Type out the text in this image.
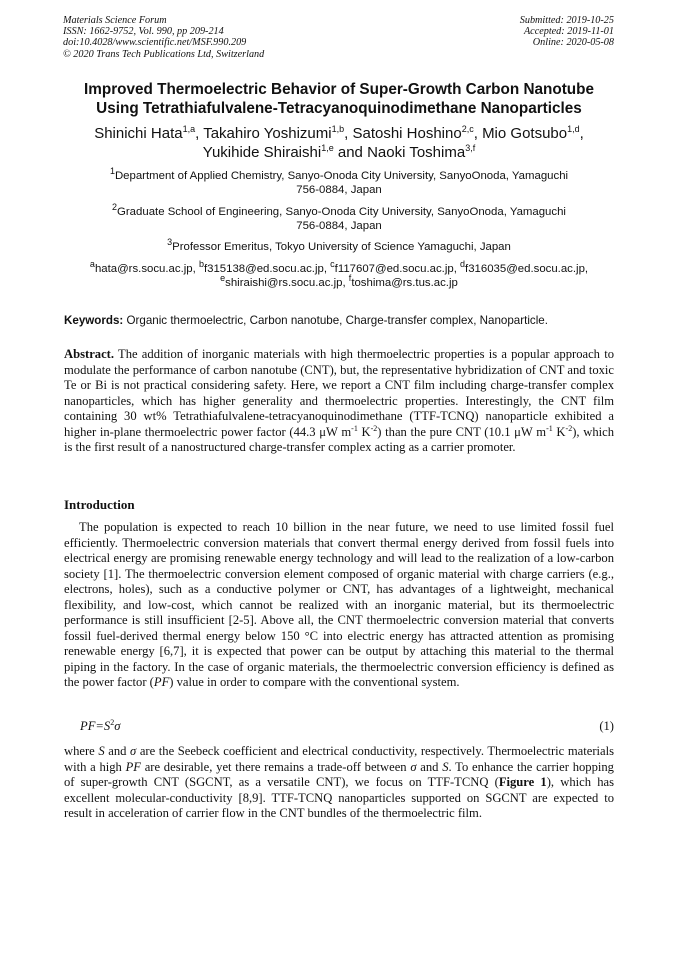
Materials Science Forum
ISSN: 1662-9752, Vol. 990, pp 209-214
doi:10.4028/www.scientific.net/MSF.990.209
© 2020 Trans Tech Publications Ltd, Switzerland
Submitted: 2019-10-25
Accepted: 2019-11-01
Online: 2020-05-08
Improved Thermoelectric Behavior of Super-Growth Carbon Nanotube
Using Tetrathiafulvalene-Tetracyanoquinodimethane Nanoparticles
Shinichi Hata$^{1,a}$, Takahiro Yoshizumi$^{1,b}$, Satoshi Hoshino$^{2,c}$, Mio Gotsubo$^{1,d}$,
Yukihide Shiraishi$^{1,e}$ and Naoki Toshima$^{3,f}$
$^1$Department of Applied Chemistry, Sanyo-Onoda City University, SanyoOnoda, Yamaguchi
756-0884, Japan
$^2$Graduate School of Engineering, Sanyo-Onoda City University, SanyoOnoda, Yamaguchi
756-0884, Japan
$^3$Professor Emeritus, Tokyo University of Science Yamaguchi, Japan
$^a$hata@rs.socu.ac.jp, $^b$f315138@ed.socu.ac.jp, $^c$f117607@ed.socu.ac.jp, $^d$f316035@ed.socu.ac.jp,
$^e$shiraishi@rs.socu.ac.jp, $^f$toshima@rs.tus.ac.jp
Keywords: Organic thermoelectric, Carbon nanotube, Charge-transfer complex, Nanoparticle.
Abstract. The addition of inorganic materials with high thermoelectric properties is a popular approach to modulate the performance of carbon nanotube (CNT), but, the representative hybridization of CNT and toxic Te or Bi is not practical considering safety. Here, we report a CNT film including charge-transfer complex nanoparticles, which has higher generality and thermoelectric properties. Interestingly, the CNT film containing 30 wt% Tetrathiafulvalene-tetracyanoquinodimethane (TTF-TCNQ) nanoparticle exhibited a higher in-plane thermoelectric power factor (44.3 μW $m^{-1}$ $K^{-2}$) than the pure CNT (10.1 μW $m^{-1}$ $K^{-2}$), which is the first result of a nanostructured charge-transfer complex acting as a carrier promoter.
Introduction
The population is expected to reach 10 billion in the near future, we need to use limited fossil fuel efficiently. Thermoelectric conversion materials that convert thermal energy derived from fossil fuels into electrical energy are promising renewable energy technology and will lead to the realization of a low-carbon society [1]. The thermoelectric conversion element composed of organic material with charge carriers (e.g., electrons, holes), such as a conductive polymer or CNT, has advantages of a lightweight, mechanical flexibility, and low-cost, which cannot be realized with an inorganic material, but its thermoelectric performance is still insufficient [2-5]. Above all, the CNT thermoelectric conversion material that converts fossil fuel-derived thermal energy below 150 °C into electric energy has attracted attention as promising renewable energy [6,7], it is expected that power can be output by attaching this material to the thermal piping in the factory. In the case of organic materials, the thermoelectric conversion efficiency is defined as the power factor (PF) value in order to compare with the conventional system.
$PF=S^2\sigma$	(1)
where S and σ are the Seebeck coefficient and electrical conductivity, respectively. Thermoelectric materials with a high PF are desirable, yet there remains a trade-off between σ and S. To enhance the carrier hopping of super-growth CNT (SGCNT, as a versatile CNT), we focus on TTF-TCNQ (Figure 1), which has excellent molecular-conductivity [8,9]. TTF-TCNQ nanoparticles supported on SGCNT are expected to result in acceleration of carrier flow in the CNT bundles of the thermoelectric film.
